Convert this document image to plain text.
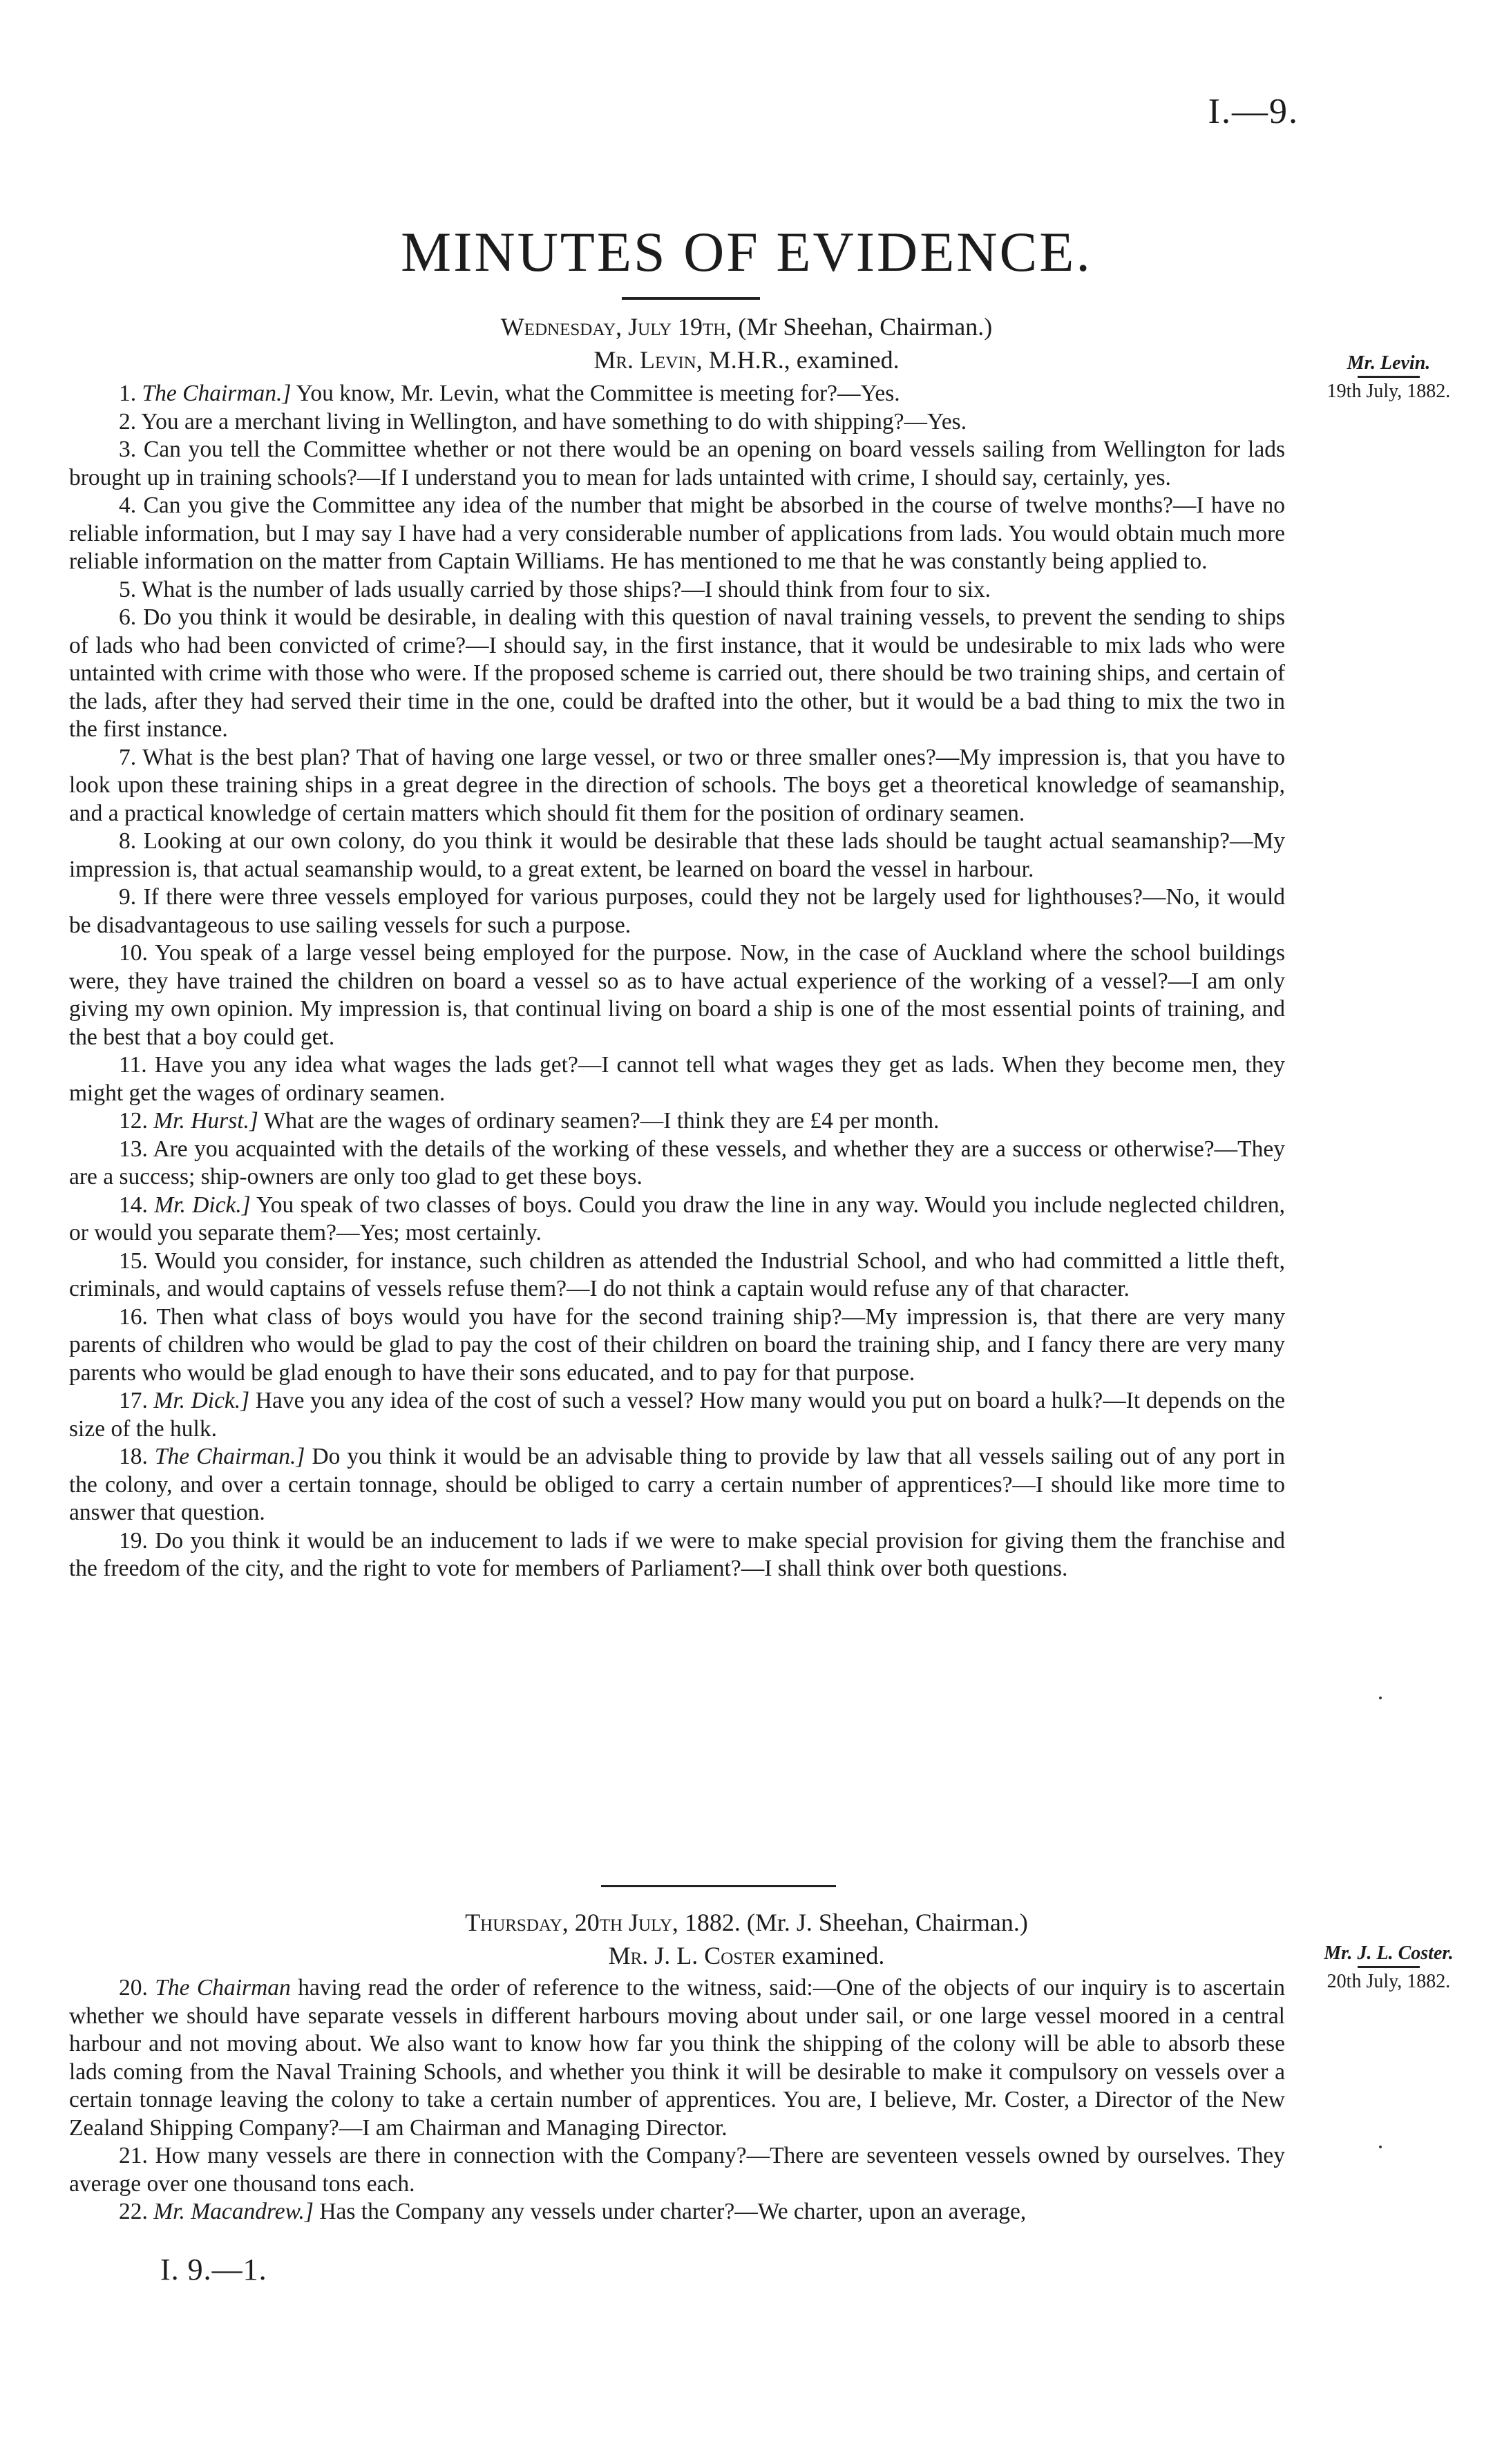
I.—9.
MINUTES OF EVIDENCE.
Wednesday, July 19th, (Mr Sheehan, Chairman.)
Mr. Levin, M.H.R., examined.	Mr. Levin.
19th July, 1882.

1. The Chairman.] You know, Mr. Levin, what the Committee is meeting for?—Yes.

2. You are a merchant living in Wellington, and have something to do with shipping?—Yes.

3. Can you tell the Committee whether or not there would be an opening on board vessels sailing from Wellington for lads brought up in training schools?—If I understand you to mean for lads untainted with crime, I should say, certainly, yes.

4. Can you give the Committee any idea of the number that might be absorbed in the course of twelve months?—I have no reliable information, but I may say I have had a very considerable number of applications from lads. You would obtain much more reliable information on the matter from Captain Williams. He has mentioned to me that he was constantly being applied to.

5. What is the number of lads usually carried by those ships?—I should think from four to six.

6. Do you think it would be desirable, in dealing with this question of naval training vessels, to prevent the sending to ships of lads who had been convicted of crime?—I should say, in the first instance, that it would be undesirable to mix lads who were untainted with crime with those who were. If the proposed scheme is carried out, there should be two training ships, and certain of the lads, after they had served their time in the one, could be drafted into the other, but it would be a bad thing to mix the two in the first instance.

7. What is the best plan? That of having one large vessel, or two or three smaller ones?—My impression is, that you have to look upon these training ships in a great degree in the direction of schools. The boys get a theoretical knowledge of seamanship, and a practical knowledge of certain matters which should fit them for the position of ordinary seamen.

8. Looking at our own colony, do you think it would be desirable that these lads should be taught actual seamanship?—My impression is, that actual seamanship would, to a great extent, be learned on board the vessel in harbour.

9. If there were three vessels employed for various purposes, could they not be largely used for lighthouses?—No, it would be disadvantageous to use sailing vessels for such a purpose.

10. You speak of a large vessel being employed for the purpose. Now, in the case of Auckland where the school buildings were, they have trained the children on board a vessel so as to have actual experience of the working of a vessel?—I am only giving my own opinion. My impression is, that continual living on board a ship is one of the most essential points of training, and the best that a boy could get.

11. Have you any idea what wages the lads get?—I cannot tell what wages they get as lads. When they become men, they might get the wages of ordinary seamen.

12. Mr. Hurst.] What are the wages of ordinary seamen?—I think they are £4 per month.

13. Are you acquainted with the details of the working of these vessels, and whether they are a success or otherwise?—They are a success; ship-owners are only too glad to get these boys.

14. Mr. Dick.] You speak of two classes of boys. Could you draw the line in any way. Would you include neglected children, or would you separate them?—Yes; most certainly.

15. Would you consider, for instance, such children as attended the Industrial School, and who had committed a little theft, criminals, and would captains of vessels refuse them?—I do not think a captain would refuse any of that character.

16. Then what class of boys would you have for the second training ship?—My impression is, that there are very many parents of children who would be glad to pay the cost of their children on board the training ship, and I fancy there are very many parents who would be glad enough to have their sons educated, and to pay for that purpose.

17. Mr. Dick.] Have you any idea of the cost of such a vessel? How many would you put on board a hulk?—It depends on the size of the hulk.

18. The Chairman.] Do you think it would be an advisable thing to provide by law that all vessels sailing out of any port in the colony, and over a certain tonnage, should be obliged to carry a certain number of apprentices?—I should like more time to answer that question.

19. Do you think it would be an inducement to lads if we were to make special provision for giving them the franchise and the freedom of the city, and the right to vote for members of Parliament?—I shall think over both questions.

Thursday, 20th July, 1882. (Mr. J. Sheehan, Chairman.)
Mr. J. L. Coster examined.	Mr. J. L. Coster.
20th July, 1882.

20. The Chairman having read the order of reference to the witness, said:—One of the objects of our inquiry is to ascertain whether we should have separate vessels in different harbours moving about under sail, or one large vessel moored in a central harbour and not moving about. We also want to know how far you think the shipping of the colony will be able to absorb these lads coming from the Naval Training Schools, and whether you think it will be desirable to make it compulsory on vessels over a certain tonnage leaving the colony to take a certain number of apprentices. You are, I believe, Mr. Coster, a Director of the New Zealand Shipping Company?—I am Chairman and Managing Director.

21. How many vessels are there in connection with the Company?—There are seventeen vessels owned by ourselves. They average over one thousand tons each.

22. Mr. Macandrew.] Has the Company any vessels under charter?—We charter, upon an average,

I. 9.—1.
